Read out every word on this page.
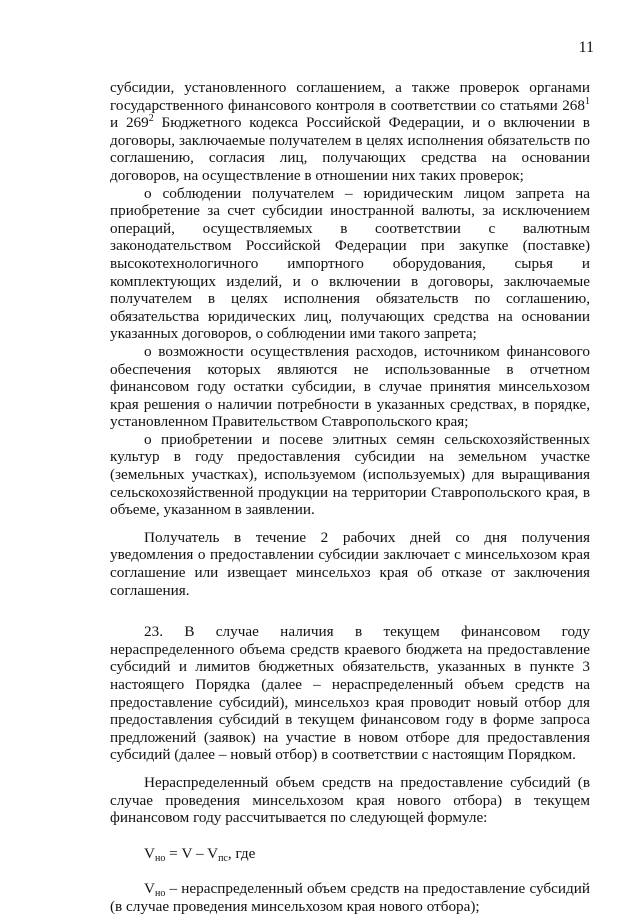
11

субсидии, установленного соглашением, а также проверок органами государственного финансового контроля в соответствии со статьями $268^1$ и $269^2$ Бюджетного кодекса Российской Федерации, и о включении в договоры, заключаемые получателем в целях исполнения обязательств по соглашению, согласия лиц, получающих средства на основании договоров, на осуществление в отношении них таких проверок;

о соблюдении получателем – юридическим лицом запрета на приобретение за счет субсидии иностранной валюты, за исключением операций, осуществляемых в соответствии с валютным законодательством Российской Федерации при закупке (поставке) высокотехнологичного импортного оборудования, сырья и комплектующих изделий, и о включении в договоры, заключаемые получателем в целях исполнения обязательств по соглашению, обязательства юридических лиц, получающих средства на основании указанных договоров, о соблюдении ими такого запрета;

о возможности осуществления расходов, источником финансового обеспечения которых являются не использованные в отчетном финансовом году остатки субсидии, в случае принятия минсельхозом края решения о наличии потребности в указанных средствах, в порядке, установленном Правительством Ставропольского края;

о приобретении и посеве элитных семян сельскохозяйственных культур в году предоставления субсидии на земельном участке (земельных участках), используемом (используемых) для выращивания сельскохозяйственной продукции на территории Ставропольского края, в объеме, указанном в заявлении.

Получатель в течение 2 рабочих дней со дня получения уведомления о предоставлении субсидии заключает с минсельхозом края соглашение или извещает минсельхоз края об отказе от заключения соглашения.

23. В случае наличия в текущем финансовом году нераспределенного объема средств краевого бюджета на предоставление субсидий и лимитов бюджетных обязательств, указанных в пункте 3 настоящего Порядка (далее – нераспределенный объем средств на предоставление субсидий), минсельхоз края проводит новый отбор для предоставления субсидий в текущем финансовом году в форме запроса предложений (заявок) на участие в новом отборе для предоставления субсидий (далее – новый отбор) в соответствии с настоящим Порядком.

Нераспределенный объем средств на предоставление субсидий (в случае проведения минсельхозом края нового отбора) в текущем финансовом году рассчитывается по следующей формуле:

$V_{но} = V - V_{пс}$, где

$V_{но}$ – нераспределенный объем средств на предоставление субсидий (в случае проведения минсельхозом края нового отбора);
